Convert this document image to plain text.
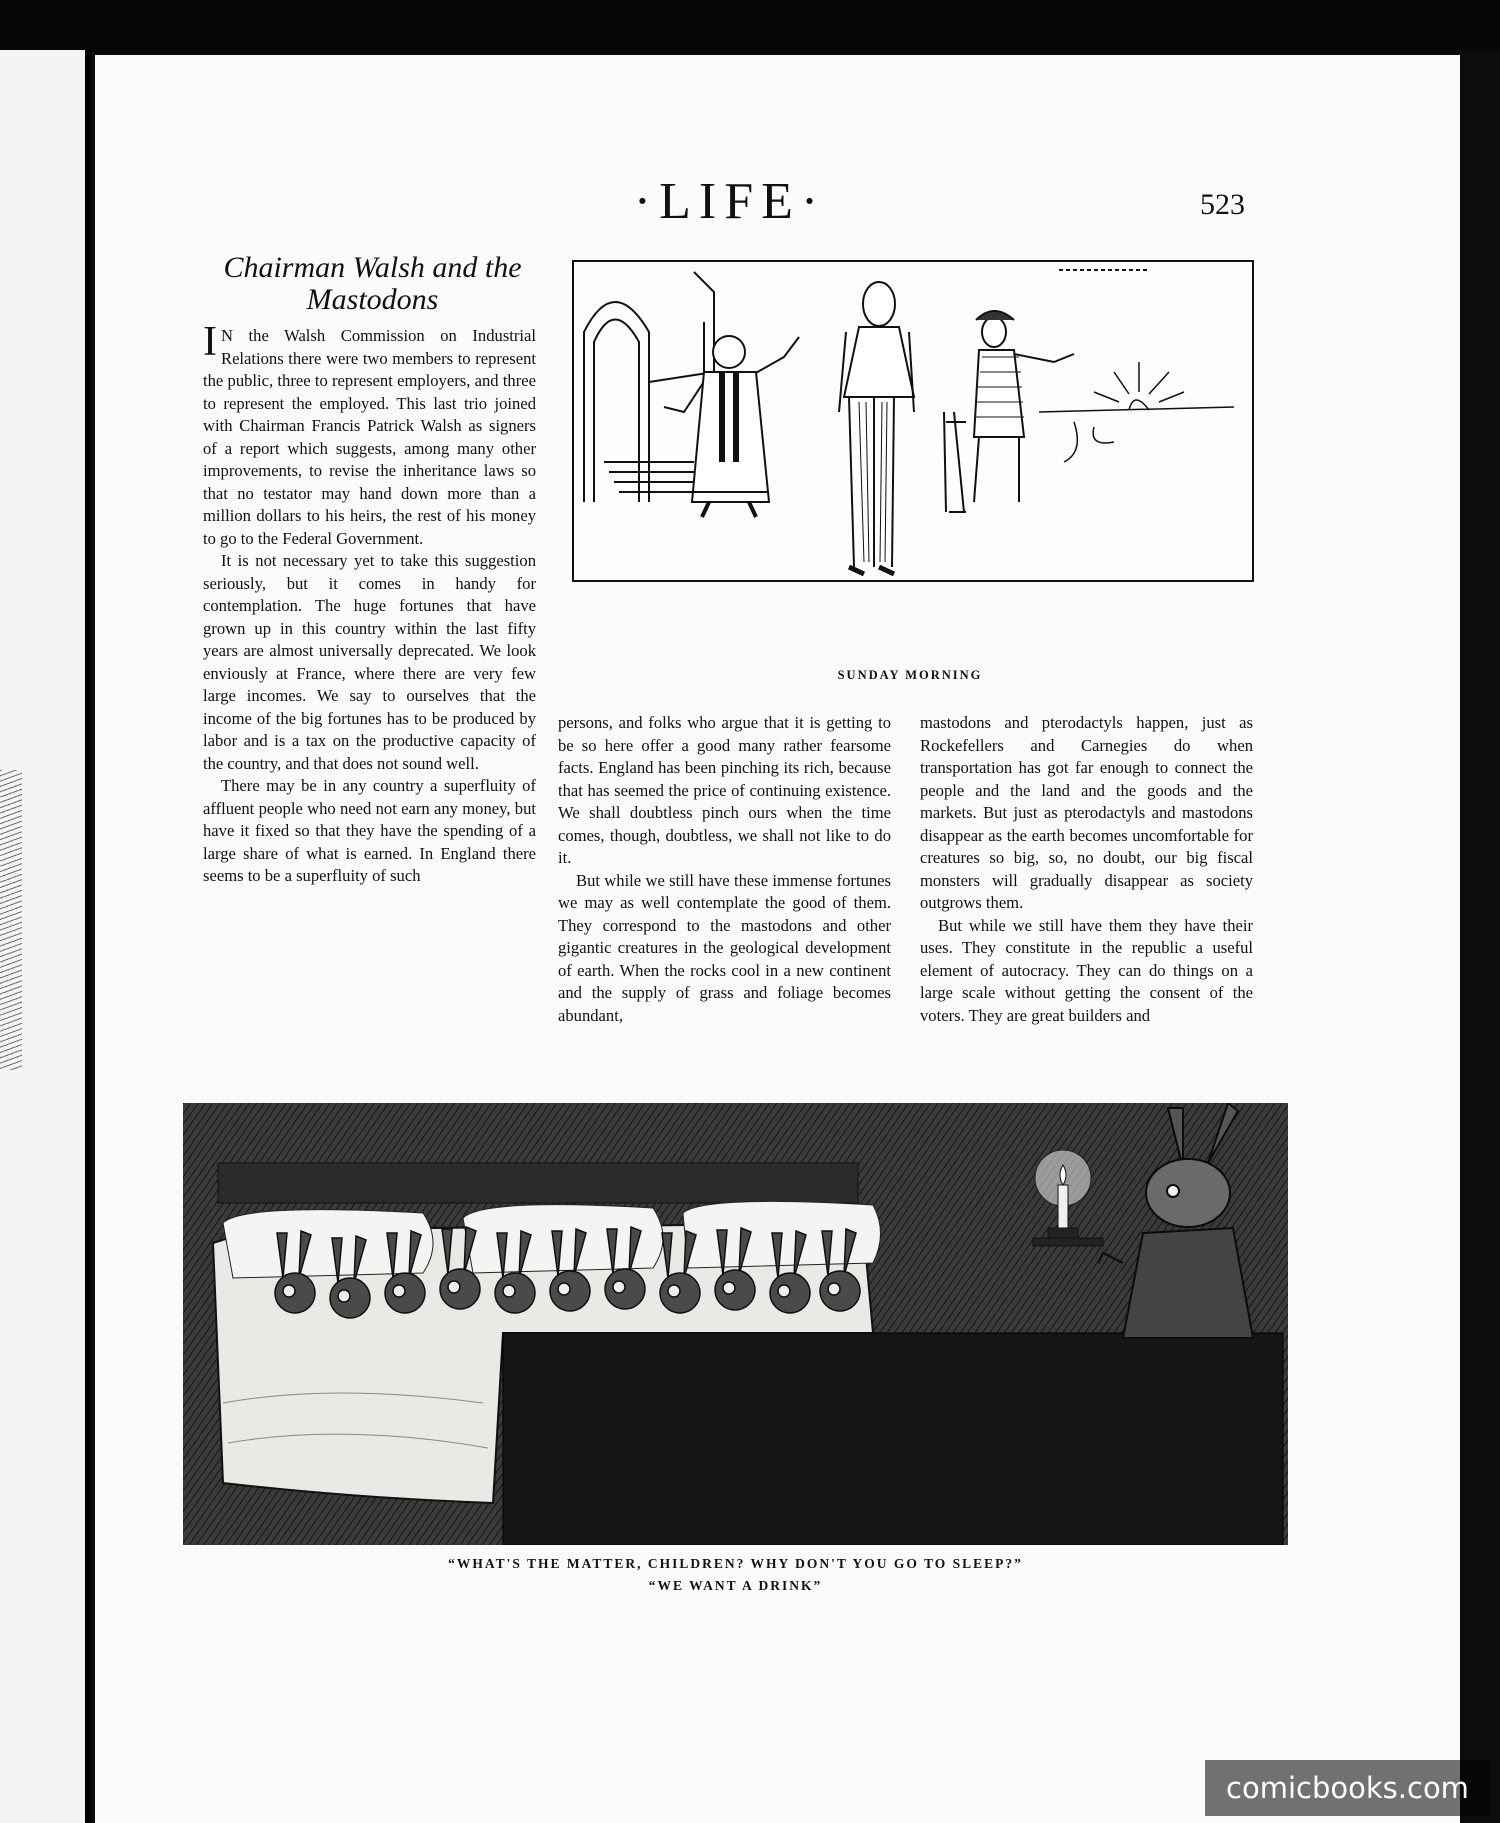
·LIFE·	523
Chairman Walsh and the Mastodons

I N the Walsh Commission on Industrial Relations there were two members to represent the public, three to represent employers, and three to represent the employed. This last trio joined with Chairman Francis Patrick Walsh as signers of a report which suggests, among many other improvements, to revise the inheritance laws so that no testator may hand down more than a million dollars to his heirs, the rest of his money to go to the Federal Government.

It is not necessary yet to take this suggestion seriously, but it comes in handy for contemplation. The huge fortunes that have grown up in this country within the last fifty years are almost universally deprecated. We look enviously at France, where there are very few large incomes. We say to ourselves that the income of the big fortunes has to be produced by labor and is a tax on the productive capacity of the country, and that does not sound well.

There may be in any country a superfluity of affluent people who need not earn any money, but have it fixed so that they have the spending of a large share of what is earned. In England there seems to be a superfluity of such

SUNDAY MORNING

persons, and folks who argue that it is getting to be so here offer a good many rather fearsome facts. England has been pinching its rich, because that has seemed the price of continuing existence. We shall doubtless pinch ours when the time comes, though, doubtless, we shall not like to do it.

But while we still have these immense fortunes we may as well contemplate the good of them. They correspond to the mastodons and other gigantic creatures in the geological development of earth. When the rocks cool in a new continent and the supply of grass and foliage becomes abundant,

mastodons and pterodactyls happen, just as Rockefellers and Carnegies do when transportation has got far enough to connect the people and the land and the goods and the markets. But just as pterodactyls and mastodons disappear as the earth becomes uncomfortable for creatures so big, so, no doubt, our big fiscal monsters will gradually disappear as society outgrows them.

But while we still have them they have their uses. They constitute in the republic a useful element of autocracy. They can do things on a large scale without getting the consent of the voters. They are great builders and

“WHAT'S THE MATTER, CHILDREN? WHY DON'T YOU GO TO SLEEP?”
“WE WANT A DRINK”
comicbooks.com
